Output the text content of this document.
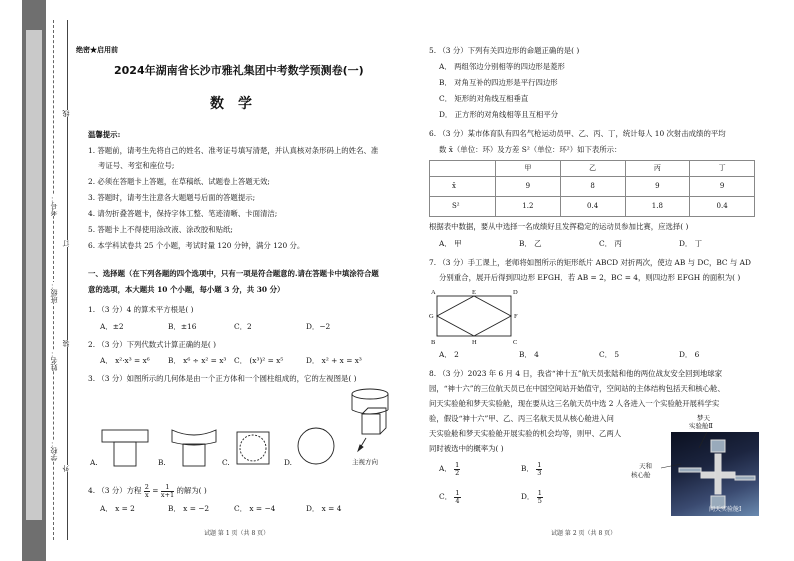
学校：
姓名：
班级：
考号：
线
订
装
外
绝密★启用前
2024年湖南省长沙市雅礼集团中考数学预测卷(一)
数学
温馨提示:
1. 答题前，请考生先将自己的姓名、准考证号填写清楚，并认真核对条形码上的姓名、准
考证号、考室和座位号;
2. 必须在答题卡上答题，在草稿纸、试题卷上答题无效;
3. 答题时，请考生注意各大题题号后面的答题提示;
4. 请勿折叠答题卡，保持字体工整、笔迹清晰、卡面清洁;
5. 答题卡上不得使用涂改液、涂改胶和贴纸;
6. 本学科试卷共 25 个小题，考试时量 120 分钟，满分 120 分。
一、选择题（在下列各题的四个选项中，只有一项是符合题意的.请在答题卡中填涂符合题
意的选项，本大题共 10 个小题，每小题 3 分，共 30 分）
1. （3 分）4 的算术平方根是( )
A．±2	B．±16	C．2	D．−2
2. （3 分）下列代数式计算正确的是( )
A． x²·x³ = x⁶ B． x⁶ ÷ x² = x³ C． (x³)² = x⁵	D． x² + x = x³
3. （3 分）如图所示的几何体是由一个正方体和一个圆柱组成的，它的左视图是( )
A.	B.	C.	D.	主视方向
4. （3 分）方程 $\frac{2}{x} = \frac{1}{x+1}$ 的解为( )
A． x = 2	B． x = −2	C． x = −4	D． x = 4
试题 第 1 页（共 8 页）
5. （3 分）下列有关四边形的命题正确的是( )
A． 两组邻边分别相等的四边形是菱形
B． 对角互补的四边形是平行四边形
C． 矩形的对角线互相垂直
D． 正方形的对角线相等且互相平分
6. （3 分）某市体育队有四名气枪运动员甲、乙、丙、丁，统计每人 10 次射击成绩的平均
数 x̄（单位：环）及方差 S²（单位：环²）如下表所示：
	甲	乙	丙	丁
x̄	9	8	9	9
S²	1.2	0.4	1.8	0.4
根据表中数据，要从中选择一名成绩好且发挥稳定的运动员参加比赛，应选择( )
A． 甲	B． 乙	C． 丙	D． 丁
7. （3 分）手工课上，老师将如图所示的矩形纸片 ABCD 对折两次，使边 AB 与 DC，BC 与 AD
分别重合，展开后得到四边形 EFGH．若 AB = 2，BC = 4，则四边形 EFGH 的面积为( )
A	E	D
G	F
B	H	C
A． 2	B． 4	C． 5	D． 6
8. （3 分）2023 年 6 月 4 日，我省“神十五”航天员张陆和他的两位战友安全回到地球家
园，“神十六”的三位航天员已在中国空间站开始值守，空间站的主体结构包括天和核心舱、
问天实验舱和梦天实验舱，现在要从这三名航天员中选 2 人各进入一个实验舱开展科学实
验，假设“神十六”甲、乙、丙三名航天员从核心舱进入问
天实验舱和梦天实验舱开展实验的机会均等，则甲、乙两人
同时被选中的概率为( )
梦天
实验舱Ⅱ
天和
核心舱
问天实验舱Ⅰ
A． $\frac{1}{2}$	B． $\frac{1}{3}$
C． $\frac{1}{4}$	D． $\frac{1}{5}$
试题 第 2 页（共 8 页）
